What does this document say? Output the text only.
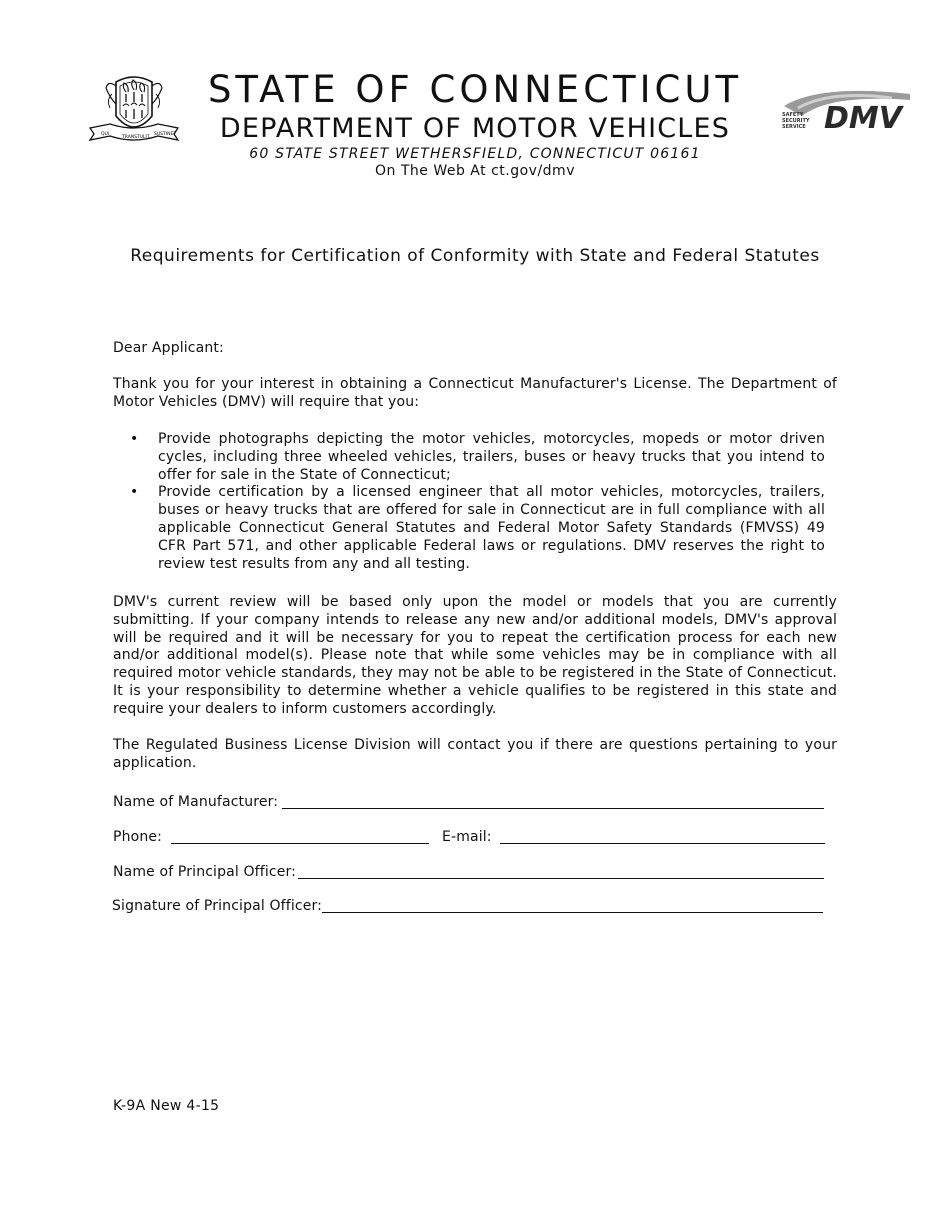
QUI
TRANSTULIT
SUSTINET
STATE OF CONNECTICUT
DEPARTMENT OF MOTOR VEHICLES
60 STATE STREET WETHERSFIELD, CONNECTICUT 06161
On The Web At ct.gov/dmv
DMV
SAFETY
SECURITY
SERVICE
Requirements for Certification of Conformity with State and Federal Statutes
Dear Applicant:
Thank you for your interest in obtaining a Connecticut Manufacturer's License. The Department of Motor Vehicles (DMV) will require that you:
• Provide photographs depicting the motor vehicles, motorcycles, mopeds or motor driven cycles, including three wheeled vehicles, trailers, buses or heavy trucks that you intend to offer for sale in the State of Connecticut;
• Provide certification by a licensed engineer that all motor vehicles, motorcycles, trailers, buses or heavy trucks that are offered for sale in Connecticut are in full compliance with all applicable Connecticut General Statutes and Federal Motor Safety Standards (FMVSS) 49 CFR Part 571, and other applicable Federal laws or regulations. DMV reserves the right to review test results from any and all testing.
DMV's current review will be based only upon the model or models that you are currently submitting. If your company intends to release any new and/or additional models, DMV's approval will be required and it will be necessary for you to repeat the certification process for each new and/or additional model(s). Please note that while some vehicles may be in compliance with all required motor vehicle standards, they may not be able to be registered in the State of Connecticut. It is your responsibility to determine whether a vehicle qualifies to be registered in this state and require your dealers to inform customers accordingly.
The Regulated Business License Division will contact you if there are questions pertaining to your application.
Name of Manufacturer:
Phone:	E-mail:
Name of Principal Officer:
Signature of Principal Officer:
K-9A New 4-15
